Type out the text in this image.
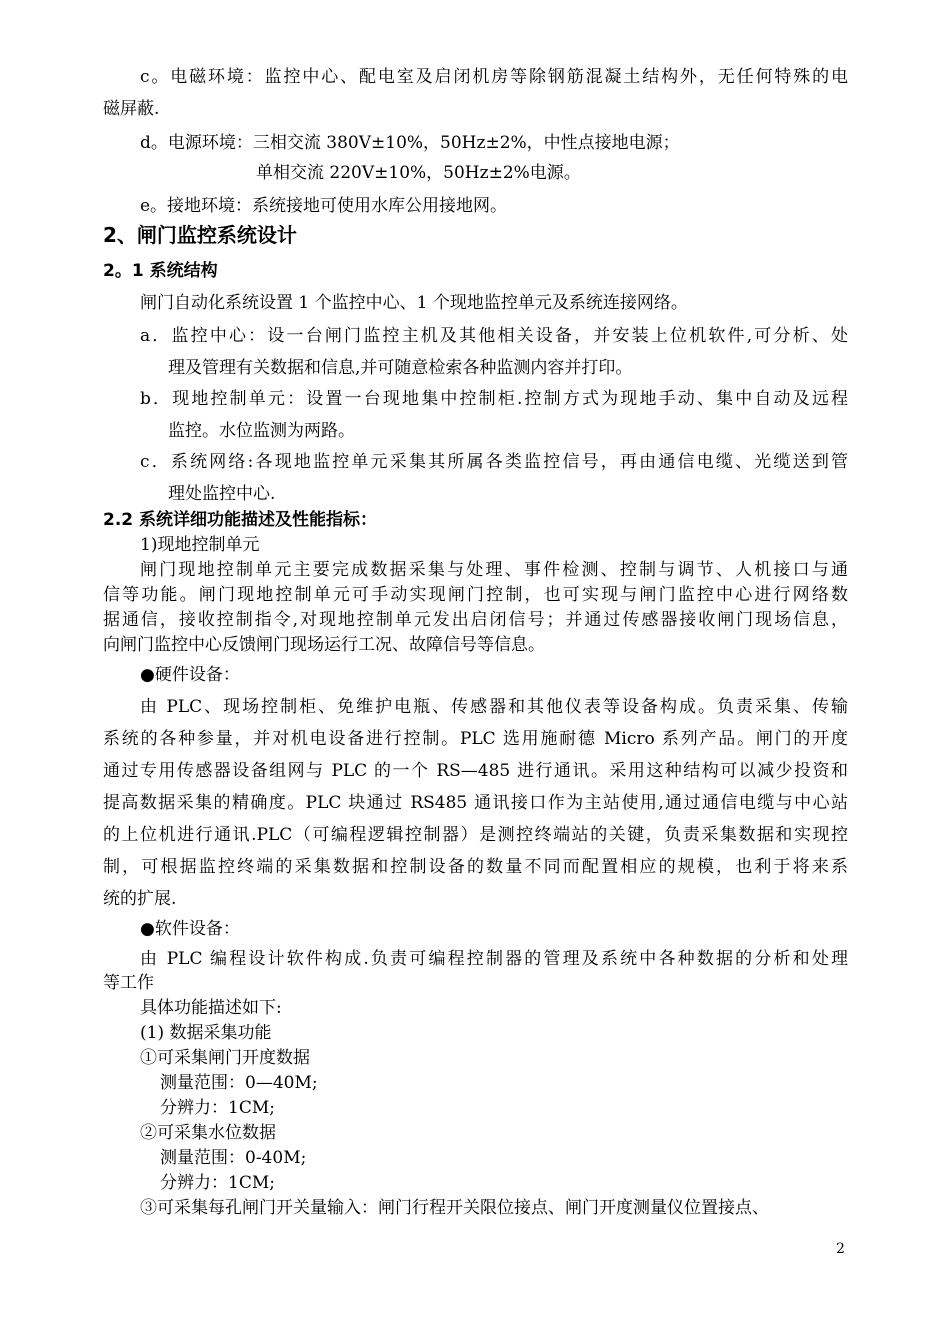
c。电磁环境：监控中心、配电室及启闭机房等除钢筋混凝土结构外，无任何特殊的电
磁屏蔽.
d。电源环境：三相交流 380V±10%，50Hz±2%，中性点接地电源；
单相交流 220V±10%，50Hz±2%电源。
e。接地环境：系统接地可使用水库公用接地网。
2、闸门监控系统设计
2。1 系统结构
闸门自动化系统设置 1 个监控中心、1 个现地监控单元及系统连接网络。
a．监控中心：设一台闸门监控主机及其他相关设备，并安装上位机软件,可分析、处
理及管理有关数据和信息,并可随意检索各种监测内容并打印。
b．现地控制单元：设置一台现地集中控制柜.控制方式为现地手动、集中自动及远程
监控。水位监测为两路。
c．系统网络:各现地监控单元采集其所属各类监控信号，再由通信电缆、光缆送到管
理处监控中心.
2.2 系统详细功能描述及性能指标：
1)现地控制单元
闸门现地控制单元主要完成数据采集与处理、事件检测、控制与调节、人机接口与通
信等功能。闸门现地控制单元可手动实现闸门控制，也可实现与闸门监控中心进行网络数
据通信，接收控制指令,对现地控制单元发出启闭信号；并通过传感器接收闸门现场信息，
向闸门监控中心反馈闸门现场运行工况、故障信号等信息。
●硬件设备：
由 PLC、现场控制柜、免维护电瓶、传感器和其他仪表等设备构成。负责采集、传输
系统的各种参量，并对机电设备进行控制。PLC 选用施耐德 Micro 系列产品。闸门的开度
通过专用传感器设备组网与 PLC 的一个 RS—485 进行通讯。采用这种结构可以减少投资和
提高数据采集的精确度。PLC 块通过 RS485 通讯接口作为主站使用,通过通信电缆与中心站
的上位机进行通讯.PLC（可编程逻辑控制器）是测控终端站的关键，负责采集数据和实现控
制，可根据监控终端的采集数据和控制设备的数量不同而配置相应的规模，也利于将来系
统的扩展.
●软件设备：
由 PLC 编程设计软件构成.负责可编程控制器的管理及系统中各种数据的分析和处理
等工作
具体功能描述如下:
(1) 数据采集功能
①可采集闸门开度数据
测量范围：0—40M;
分辨力：1CM;
②可采集水位数据
测量范围：0-40M;
分辨力：1CM;
③可采集每孔闸门开关量输入：闸门行程开关限位接点、闸门开度测量仪位置接点、
2
